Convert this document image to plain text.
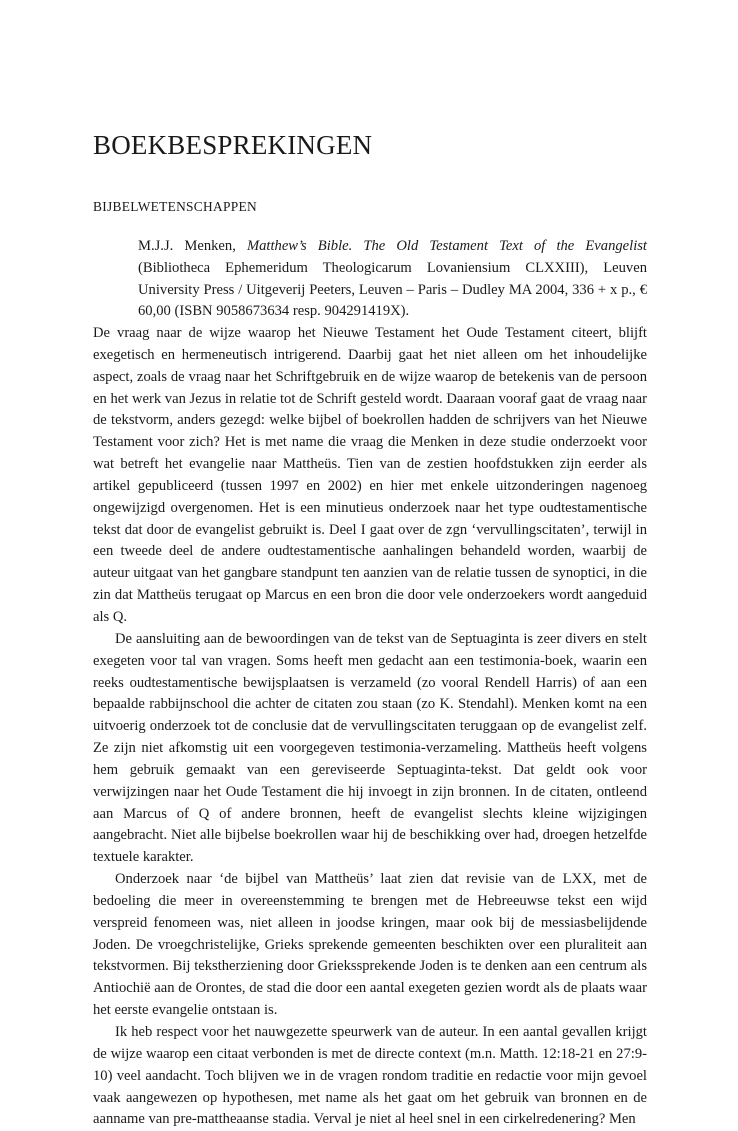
BOEKBESPREKINGEN
BIJBELWETENSCHAPPEN
M.J.J. Menken, Matthew’s Bible. The Old Testament Text of the Evangelist (Bibliotheca Ephemeridum Theologicarum Lovaniensium CLXXIII), Leuven University Press / Uitgeverij Peeters, Leuven – Paris – Dudley MA 2004, 336 + x p., € 60,00 (ISBN 9058673634 resp. 904291419X).

De vraag naar de wijze waarop het Nieuwe Testament het Oude Testament citeert, blijft exegetisch en hermeneutisch intrigerend. Daarbij gaat het niet alleen om het inhoudelijke aspect, zoals de vraag naar het Schriftgebruik en de wijze waarop de betekenis van de persoon en het werk van Jezus in relatie tot de Schrift gesteld wordt. Daaraan vooraf gaat de vraag naar de tekstvorm, anders gezegd: welke bijbel of boekrollen hadden de schrijvers van het Nieuwe Testament voor zich? Het is met name die vraag die Menken in deze studie onderzoekt voor wat betreft het evangelie naar Mattheüs. Tien van de zestien hoofdstukken zijn eerder als artikel gepubliceerd (tussen 1997 en 2002) en hier met enkele uitzonderingen nagenoeg ongewijzigd overgenomen. Het is een minutieus onderzoek naar het type oudtestamentische tekst dat door de evangelist gebruikt is. Deel I gaat over de zgn ‘vervullingscitaten’, terwijl in een tweede deel de andere oudtestamentische aanhalingen behandeld worden, waarbij de auteur uitgaat van het gangbare standpunt ten aanzien van de relatie tussen de synoptici, in die zin dat Mattheüs terugaat op Marcus en een bron die door vele onderzoekers wordt aangeduid als Q.

De aansluiting aan de bewoordingen van de tekst van de Septuaginta is zeer divers en stelt exegeten voor tal van vragen. Soms heeft men gedacht aan een testimonia-boek, waarin een reeks oudtestamentische bewijsplaatsen is verzameld (zo vooral Rendell Harris) of aan een bepaalde rabbijnschool die achter de citaten zou staan (zo K. Stendahl). Menken komt na een uitvoerig onderzoek tot de conclusie dat de vervullingscitaten teruggaan op de evangelist zelf. Ze zijn niet afkomstig uit een voorgegeven testimonia-verzameling. Mattheüs heeft volgens hem gebruik gemaakt van een gereviseerde Septuaginta-tekst. Dat geldt ook voor verwijzingen naar het Oude Testament die hij invoegt in zijn bronnen. In de citaten, ontleend aan Marcus of Q of andere bronnen, heeft de evangelist slechts kleine wijzigingen aangebracht. Niet alle bijbelse boekrollen waar hij de beschikking over had, droegen hetzelfde textuele karakter.

Onderzoek naar ‘de bijbel van Mattheüs’ laat zien dat revisie van de LXX, met de bedoeling die meer in overeenstemming te brengen met de Hebreeuwse tekst een wijd verspreid fenomeen was, niet alleen in joodse kringen, maar ook bij de messiasbelijdende Joden. De vroegchristelijke, Grieks sprekende gemeenten beschikten over een pluraliteit aan tekstvormen. Bij tekstherziening door Griekssprekende Joden is te denken aan een centrum als Antiochië aan de Orontes, de stad die door een aantal exegeten gezien wordt als de plaats waar het eerste evangelie ontstaan is.

Ik heb respect voor het nauwgezette speurwerk van de auteur. In een aantal gevallen krijgt de wijze waarop een citaat verbonden is met de directe context (m.n. Matth. 12:18-21 en 27:9-10) veel aandacht. Toch blijven we in de vragen rondom traditie en redactie voor mijn gevoel vaak aangewezen op hypothesen, met name als het gaat om het gebruik van bronnen en de aanname van pre-mattheaanse stadia. Verval je niet al heel snel in een cirkelredenering? Men
